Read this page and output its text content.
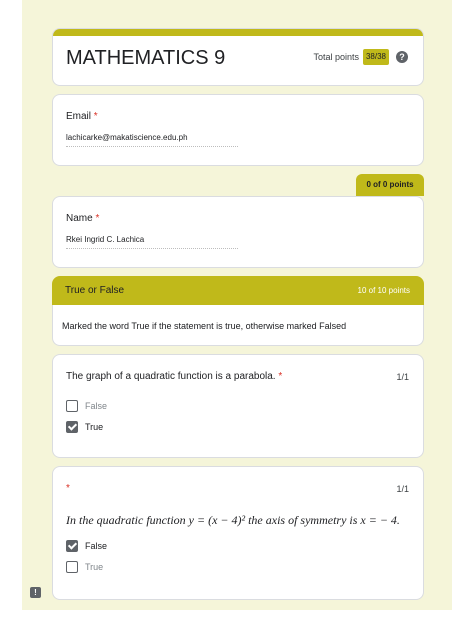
MATHEMATICS 9	Total points 38/38	?
Email *
lachicarke@makatiscience.edu.ph
0 of 0 points
Name *
Rkei Ingrid C. Lachica
True or False	10 of 10 points
Marked the word True if the statement is true, otherwise marked Falsed
The graph of a quadratic function is a parabola. *	1/1
False
True
*	1/1
In the quadratic function y = (x − 4)² the axis of symmetry is x = − 4.
False
True
!
